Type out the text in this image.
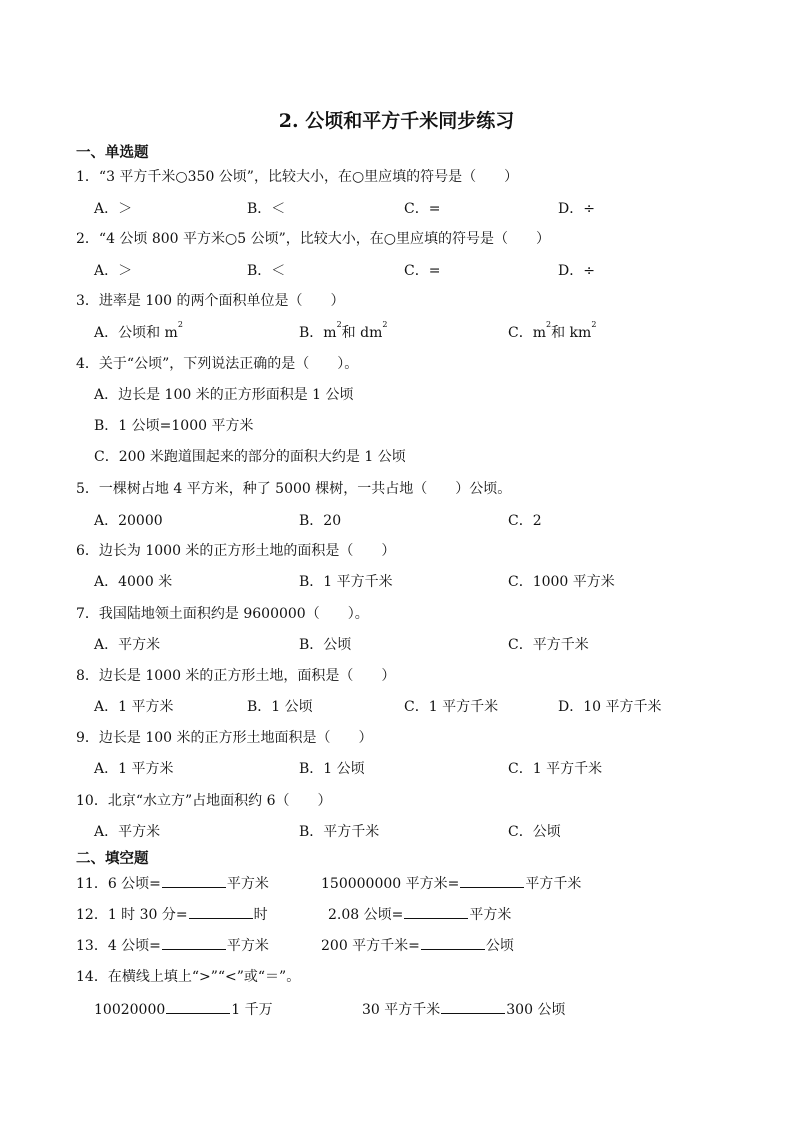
2. 公顷和平方千米同步练习
一、单选题
1．“3 平方千米○350 公顷”，比较大小，在○里应填的符号是（　　）
A．＞	B．＜	C．=	D．÷
2．“4 公顷 800 平方米○5 公顷”，比较大小，在○里应填的符号是（　　）
A．＞	B．＜	C．=	D．÷
3．进率是 100 的两个面积单位是（　　）
A．公顷和 $m^2$
B．$m^2$和 $dm^2$
C．$m^2$和 $km^2$
4．关于“公顷”，下列说法正确的是（　　）。
A．边长是 100 米的正方形面积是 1 公顷
B．1 公顷=1000 平方米
C．200 米跑道围起来的部分的面积大约是 1 公顷
5．一棵树占地 4 平方米，种了 5000 棵树，一共占地（　　）公顷。
A．20000	B．20	C．2
6．边长为 1000 米的正方形土地的面积是（　　）
A．4000 米	B．1 平方千米	C．1000 平方米
7．我国陆地领土面积约是 9600000（　　）。
A．平方米	B．公顷	C．平方千米
8．边长是 1000 米的正方形土地，面积是（　　）
A．1 平方米	B．1 公顷	C．1 平方千米	D．10 平方千米
9．边长是 100 米的正方形土地面积是（　　）
A．1 平方米	B．1 公顷	C．1 平方千米
10．北京“水立方”占地面积约 6（　　）
A．平方米	B．平方千米	C．公顷
二、填空题
11．6 公顷=	平方米	150000000 平方米=	平方千米
12．1 时 30 分=	时	2.08 公顷=	平方米
13．4 公顷=	平方米	200 平方千米=	公顷
14．在横线上填上“>”“<”或“＝”。
10020000	1 千万	30 平方千米	300 公顷
